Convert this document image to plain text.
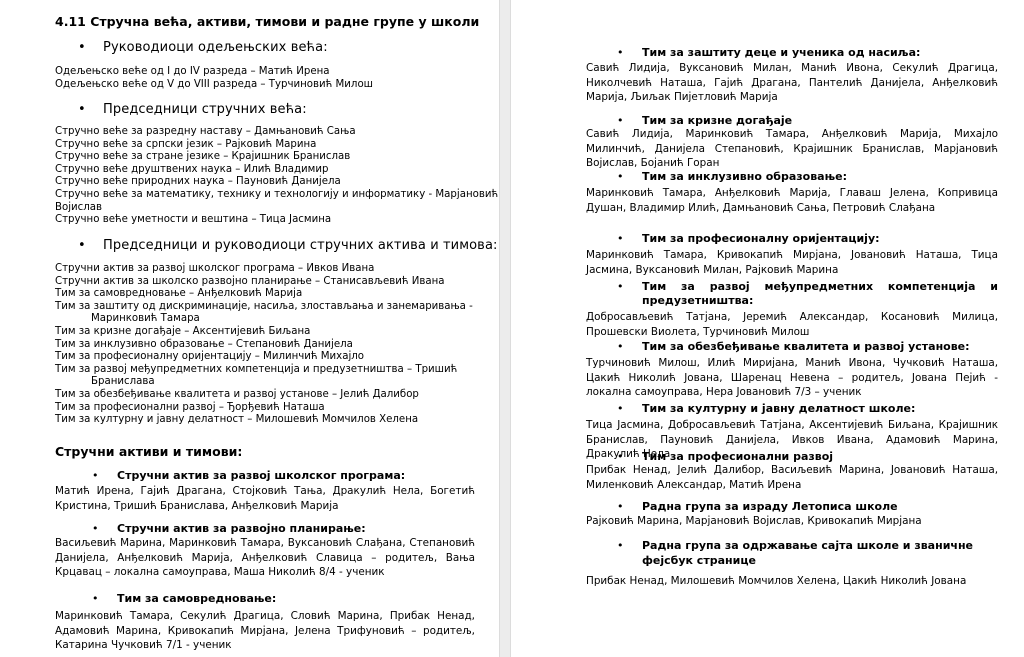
4.11 Стручна већа, активи, тимови и радне групе у школи
• Руководиоци одељењских већа:
Одељењско веће од I до IV разреда – Матић Ирена
Одељењско веће од V до VIII разреда – Турчиновић Милош
• Председници стручних већа:
Стручно веће за разредну наставу – Дамњановић Сања
Стручно веће за српски језик – Рајковић Марина
Стручно веће за стране језике – Крајишник Бранислав
Стручно веће друштвених наука – Илић Владимир
Стручно веће природних наука – Пауновић Данијела
Стручно веће за математику, технику и технологију и информатику - Марјановић
Војислав
Стручно веће уметности и вештина – Тица Јасмина
• Председници и руководиоци стручних актива и тимова:
Стручни актив за развој школског програма – Ивков Ивана
Стручни актив за школско развојно планирање – Станисављевић Ивана
Тим за самовредновање – Анђелковић Марија
Тим за заштиту од дискриминације, насиља, злостављања и занемаривања -
Маринковић Тамара
Тим за кризне догађаје – Аксентијевић Биљана
Тим за инклузивно образовање – Степановић Данијела
Тим за професионалну оријентацију – Милинчић Михајло
Тим за развој међупредметних компетенција и предузетништва – Тришић
Бранислава
Тим за обезбеђивање квалитета и развој установе – Јелић Далибор
Тим за професионални развој – Ђорђевић Наташа
Тим за културну и јавну делатност – Милошевић Момчилов Хелена
Стручни активи и тимови:
• Стручни актив за развој школског програма:
Матић Ирена, Гајић Драгана, Стојковић Тања, Дракулић Нела, Богетић Кристина, Тришић Бранислава, Анђелковић Марија
• Стручни актив за развојно планирање:
Васиљевић Марина, Маринковић Тамара, Вуксановић Слађана, Степановић Данијела, Анђелковић Марија, Анђелковић Славица – родитељ, Вања Крцавац – локална самоуправа, Маша Николић 8/4 - ученик
• Тим за самовредновање:
Маринковић Тамара, Секулић Драгица, Словић Марина, Прибак Ненад, Адамовић Марина, Кривокапић Мирјана, Јелена Трифуновић – родитељ, Катарина Чучковић 7/1 - ученик
• Тим за заштиту деце и ученика од насиља:
Савић Лидија, Вуксановић Милан, Манић Ивона, Секулић Драгица, Николчевић Наташа, Гајић Драгана, Пантелић Данијела, Анђелковић Марија, Љиљак Пијетловић Марија
• Тим за кризне догађаје
Савић Лидија, Маринковић Тамара, Анђелковић Марија, Михајло Милинчић, Данијела Степановић, Крајишник Бранислав, Марјановић Војислав, Бојанић Горан
• Тим за инклузивно образовање:
Маринковић Тамара, Анђелковић Марија, Главаш Јелена, Копривица Душан, Владимир Илић, Дамњановић Сања, Петровић Слађана
• Тим за професионалну оријентацију:
Маринковић Тамара, Кривокапић Мирјана, Јовановић Наташа, Тица Јасмина, Вуксановић Милан, Рајковић Марина
• Тим за развој међупредметних компетенција и предузетништва:
Добросављевић Татјана, Јеремић Александар, Косановић Милица, Прошевски Виолета, Турчиновић Милош
• Тим за обезбеђивање квалитета и развој установе:
Турчиновић Милош, Илић Миријана, Манић Ивона, Чучковић Наташа, Цакић Николић Јована, Шаренац Невена – родитељ, Јована Пејић - локална самоуправа, Нера Јовановић 7/3 – ученик
• Тим за културну и јавну делатност школе:
Тица Јасмина, Добросављевић Татјана, Аксентијевић Биљана, Крајишник Бранислав, Пауновић Данијела, Ивков Ивана, Адамовић Марина, Дракулић Нела
• Тим за професионални развој
Прибак Ненад, Јелић Далибор, Васиљевић Марина, Јовановић Наташа, Миленковић Александар, Матић Ирена
• Радна група за израду Летописа школе
Рајковић Марина, Марјановић Војислав, Кривокапић Мирјана
• Радна група за одржавање сајта школе и званичне фејсбук странице
Прибак Ненад, Милошевић Момчилов Хелена, Цакић Николић Јована
